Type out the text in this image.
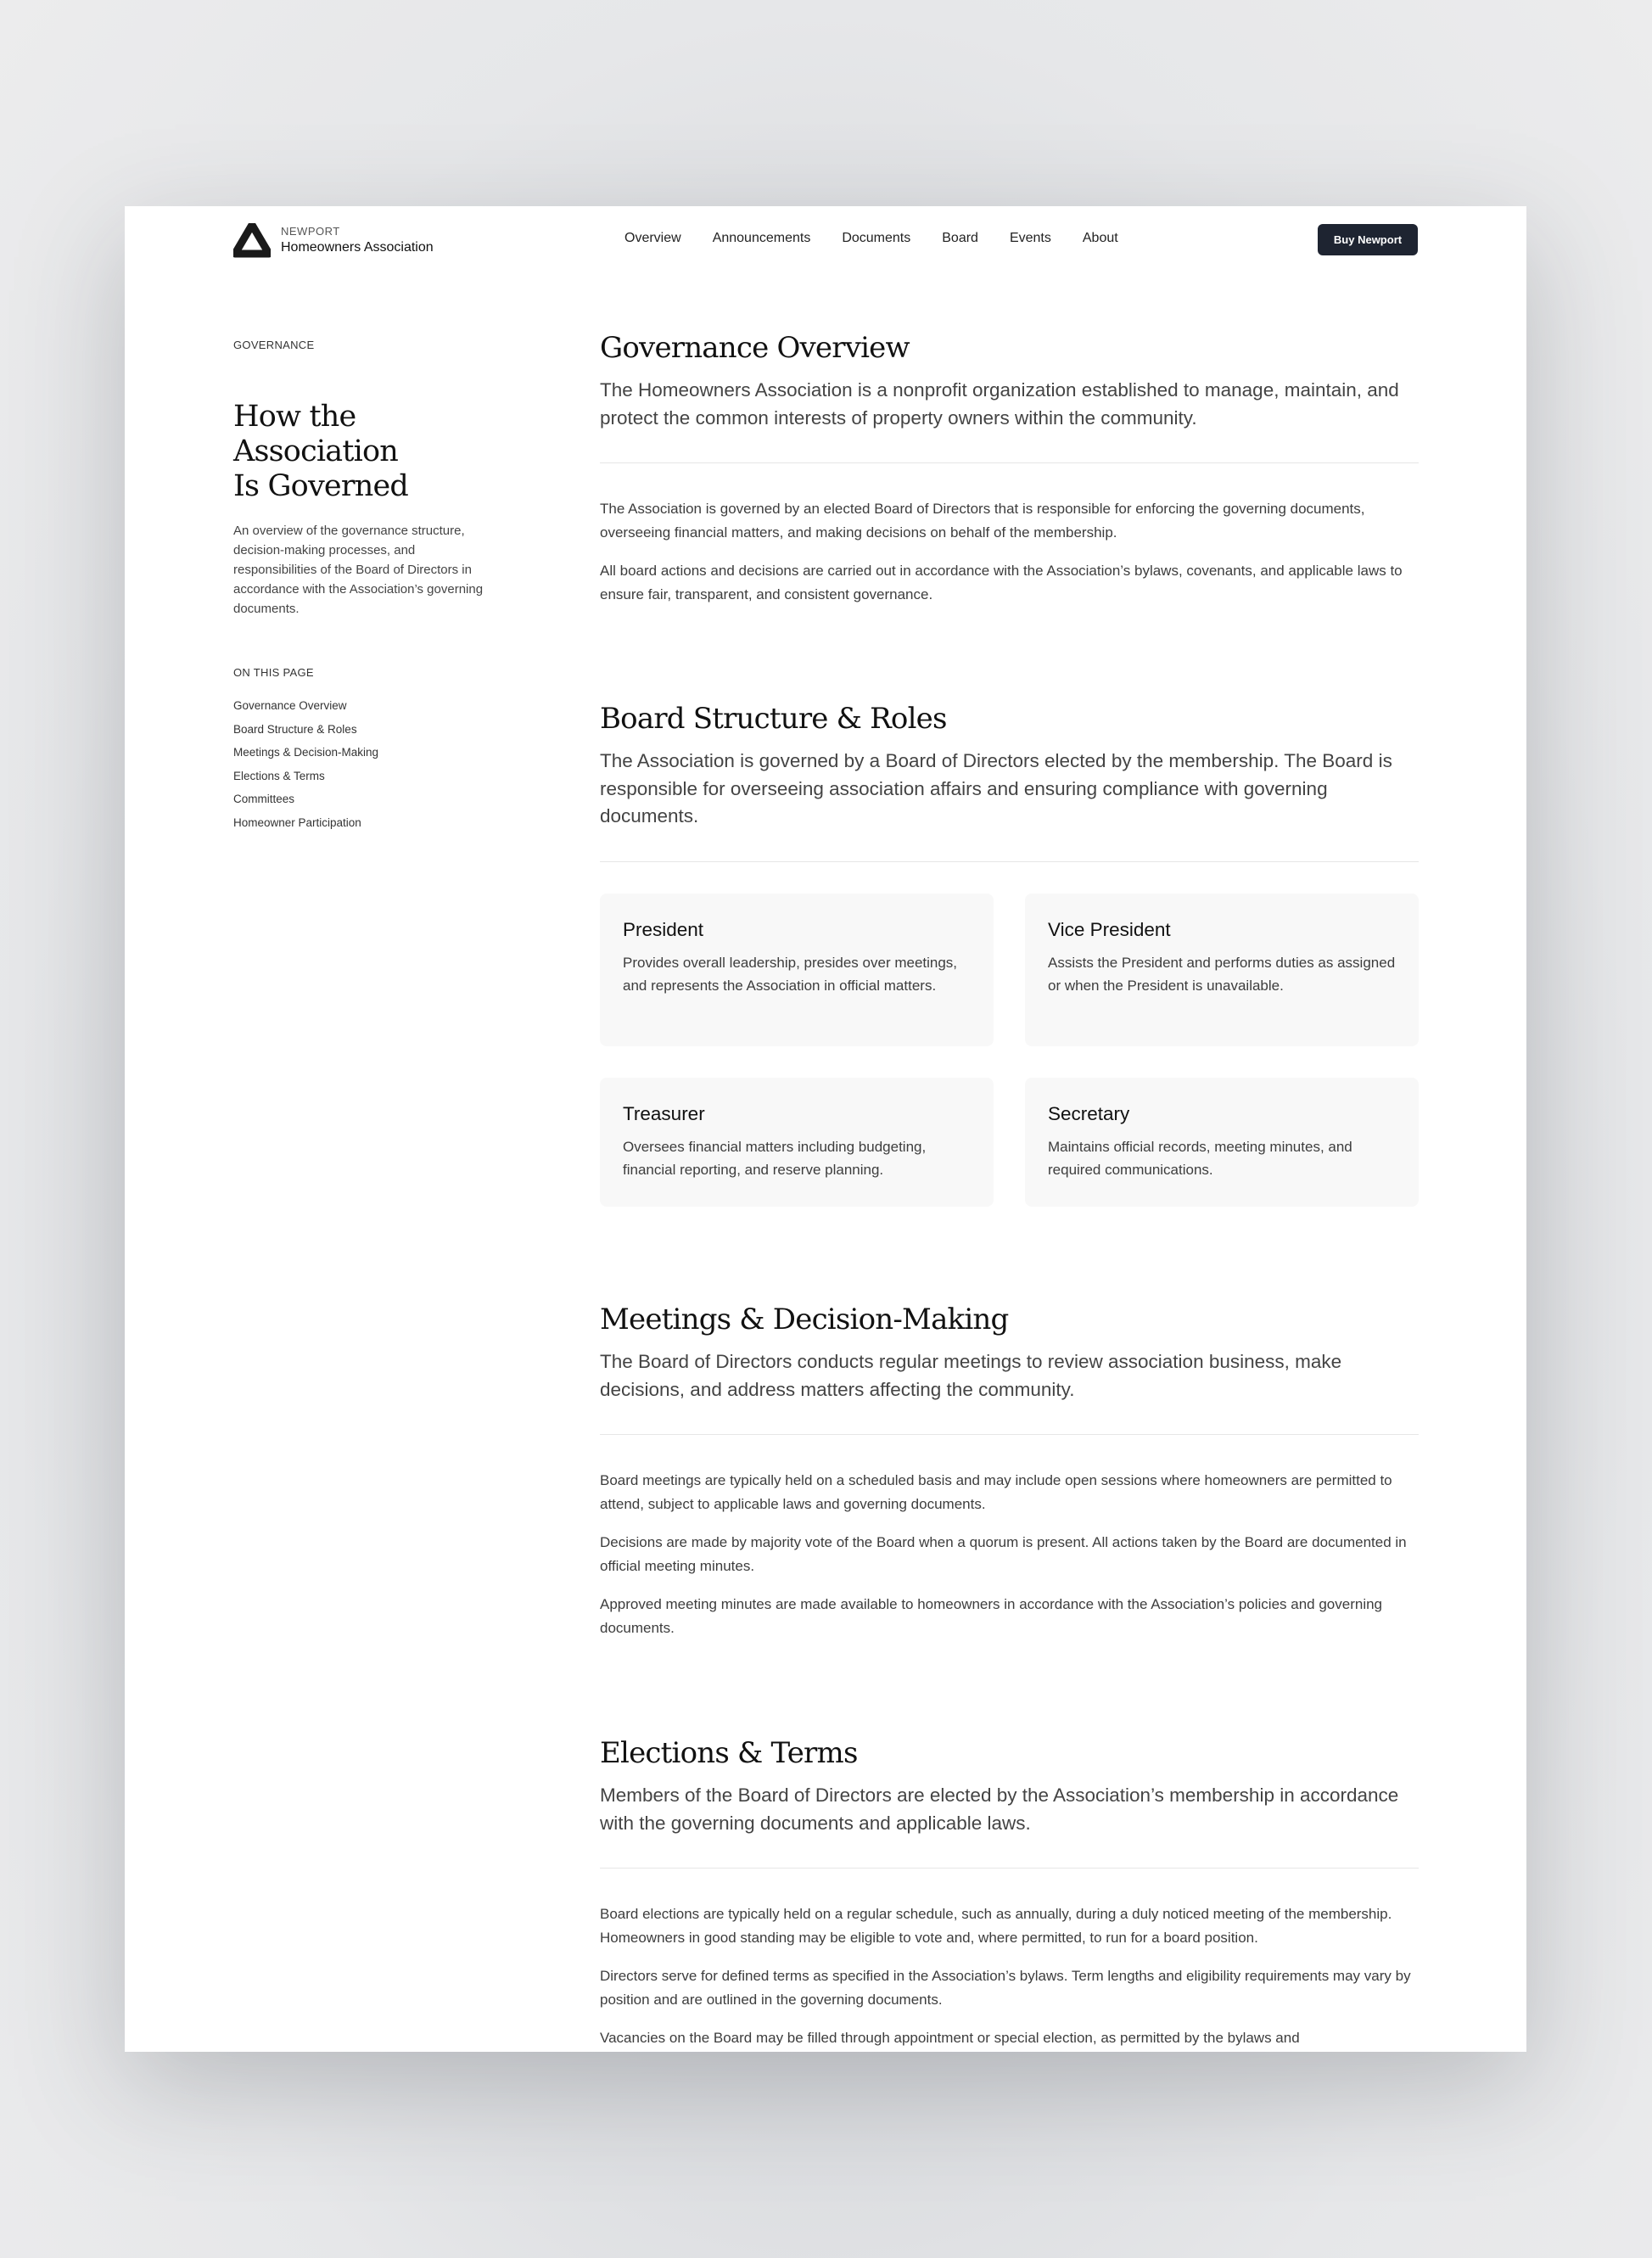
NEWPORT
Homeowners Association
Overview Announcements Documents Board Events About	Buy Newport

GOVERNANCE

How the Association
Is Governed

An overview of the governance structure, decision-making processes, and responsibilities of the Board of Directors in accordance with the Association’s governing documents.

ON THIS PAGE

Governance Overview
Board Structure & Roles
Meetings & Decision-Making
Elections & Terms
Committees
Homeowner Participation
Governance Overview

The Homeowners Association is a nonprofit organization established to manage, maintain, and protect the common interests of property owners within the community.

The Association is governed by an elected Board of Directors that is responsible for enforcing the governing documents, overseeing financial matters, and making decisions on behalf of the membership.

All board actions and decisions are carried out in accordance with the Association’s bylaws, covenants, and applicable laws to ensure fair, transparent, and consistent governance.

Board Structure & Roles

The Association is governed by a Board of Directors elected by the membership. The Board is responsible for overseeing association affairs and ensuring compliance with governing documents.

President

Provides overall leadership, presides over meetings, and represents the Association in official matters.

Vice President

Assists the President and performs duties as assigned or when the President is unavailable.

Treasurer

Oversees financial matters including budgeting, financial reporting, and reserve planning.

Secretary

Maintains official records, meeting minutes, and required communications.

Meetings & Decision-Making

The Board of Directors conducts regular meetings to review association business, make decisions, and address matters affecting the community.

Board meetings are typically held on a scheduled basis and may include open sessions where homeowners are permitted to attend, subject to applicable laws and governing documents.

Decisions are made by majority vote of the Board when a quorum is present. All actions taken by the Board are documented in official meeting minutes.

Approved meeting minutes are made available to homeowners in accordance with the Association’s policies and governing documents.

Elections & Terms

Members of the Board of Directors are elected by the Association’s membership in accordance with the governing documents and applicable laws.

Board elections are typically held on a regular schedule, such as annually, during a duly noticed meeting of the membership. Homeowners in good standing may be eligible to vote and, where permitted, to run for a board position.

Directors serve for defined terms as specified in the Association’s bylaws. Term lengths and eligibility requirements may vary by position and are outlined in the governing documents.

Vacancies on the Board may be filled through appointment or special election, as permitted by the bylaws and
